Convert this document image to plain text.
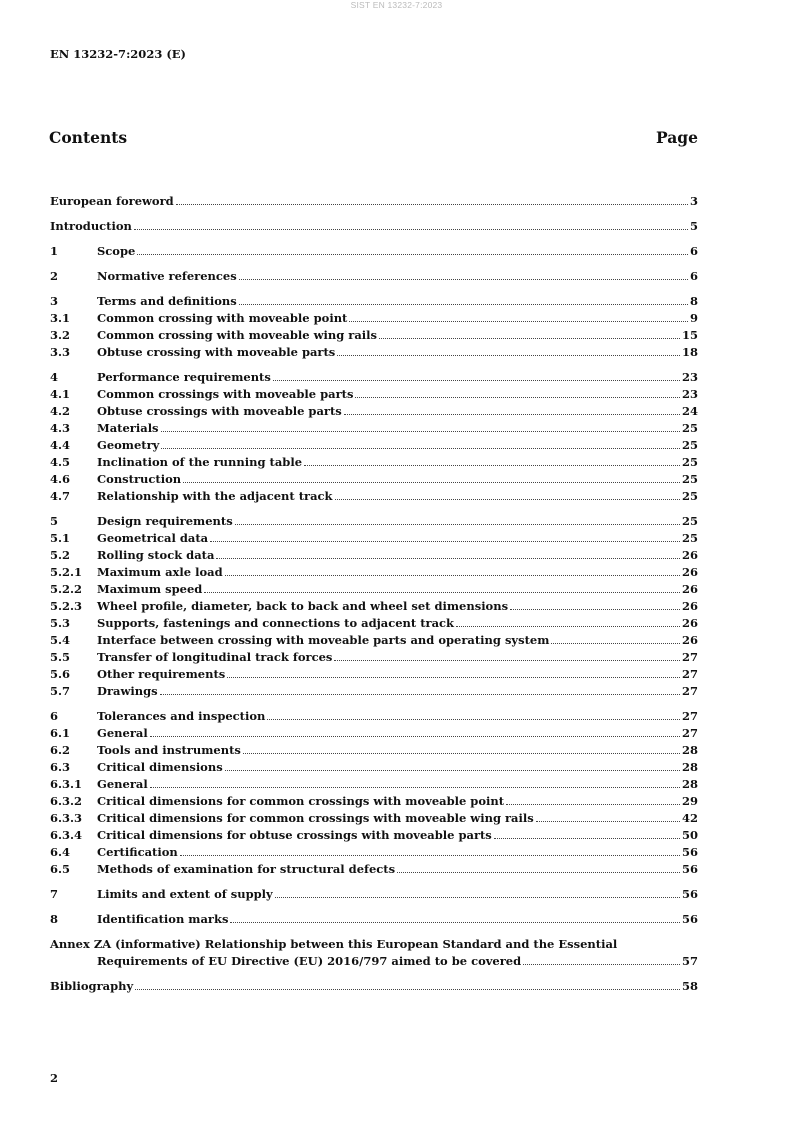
SIST EN 13232-7:2023
EN 13232-7:2023 (E)
Contents	Page
European foreword	3
Introduction	5
1	Scope	6
2	Normative references	6
3	Terms and definitions	8
3.1	Common crossing with moveable point	9
3.2	Common crossing with moveable wing rails	15
3.3	Obtuse crossing with moveable parts	18
4	Performance requirements	23
4.1	Common crossings with moveable parts	23
4.2	Obtuse crossings with moveable parts	24
4.3	Materials	25
4.4	Geometry	25
4.5	Inclination of the running table	25
4.6	Construction	25
4.7	Relationship with the adjacent track	25
5	Design requirements	25
5.1	Geometrical data	25
5.2	Rolling stock data	26
5.2.1	Maximum axle load	26
5.2.2	Maximum speed	26
5.2.3	Wheel profile, diameter, back to back and wheel set dimensions	26
5.3	Supports, fastenings and connections to adjacent track	26
5.4	Interface between crossing with moveable parts and operating system	26
5.5	Transfer of longitudinal track forces	27
5.6	Other requirements	27
5.7	Drawings	27
6	Tolerances and inspection	27
6.1	General	27
6.2	Tools and instruments	28
6.3	Critical dimensions	28
6.3.1	General	28
6.3.2	Critical dimensions for common crossings with moveable point	29
6.3.3	Critical dimensions for common crossings with moveable wing rails	42
6.3.4	Critical dimensions for obtuse crossings with moveable parts	50
6.4	Certification	56
6.5	Methods of examination for structural defects	56
7	Limits and extent of supply	56
8	Identification marks	56
Annex ZA (informative) Relationship between this European Standard and the Essential
Requirements of EU Directive (EU) 2016/797 aimed to be covered	57
Bibliography	58
2
